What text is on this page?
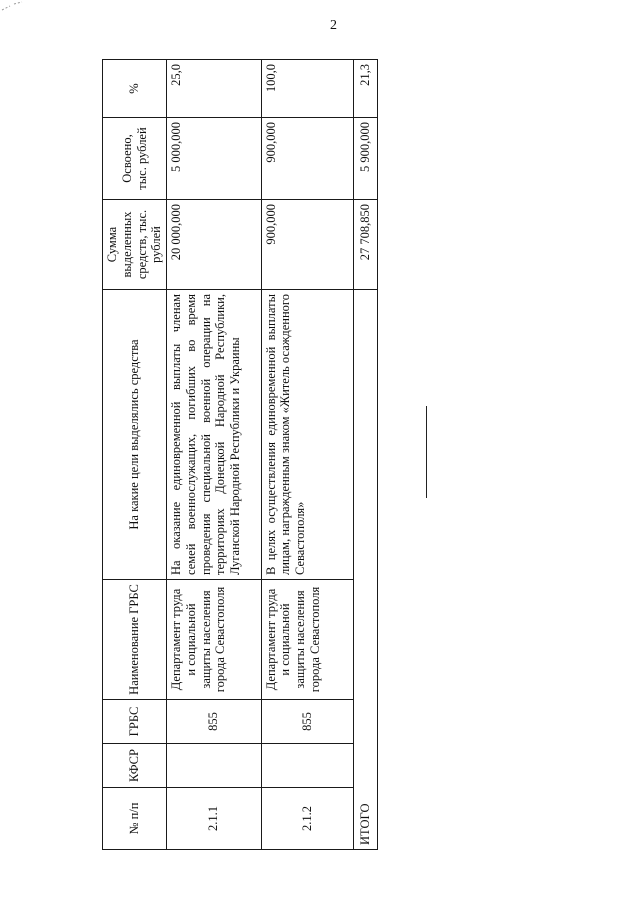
2
№ п/п	КФСР	ГРБС	Наименование ГРБС	На какие цели выделялись средства	Сумма выделенных средств, тыс. рублей	Освоено, тыс. рублей	%
2.1.1		855	Департамент труда и социальной защиты населения города Севастополя	На оказание единовременной выплаты членам семей военнослужащих, погибших во время проведения специальной военной операции на территориях Донецкой Народной Республики, Луганской Народной Республики и Украины	20 000,000	5 000,000	25,0
2.1.2		855	Департамент труда и социальной защиты населения города Севастополя	В целях осуществления единовременной выплаты лицам, награжденным знаком «Житель осажденного Севастополя»	900,000	900,000	100,0
ИТОГО					27 708,850	5 900,000	21,3
